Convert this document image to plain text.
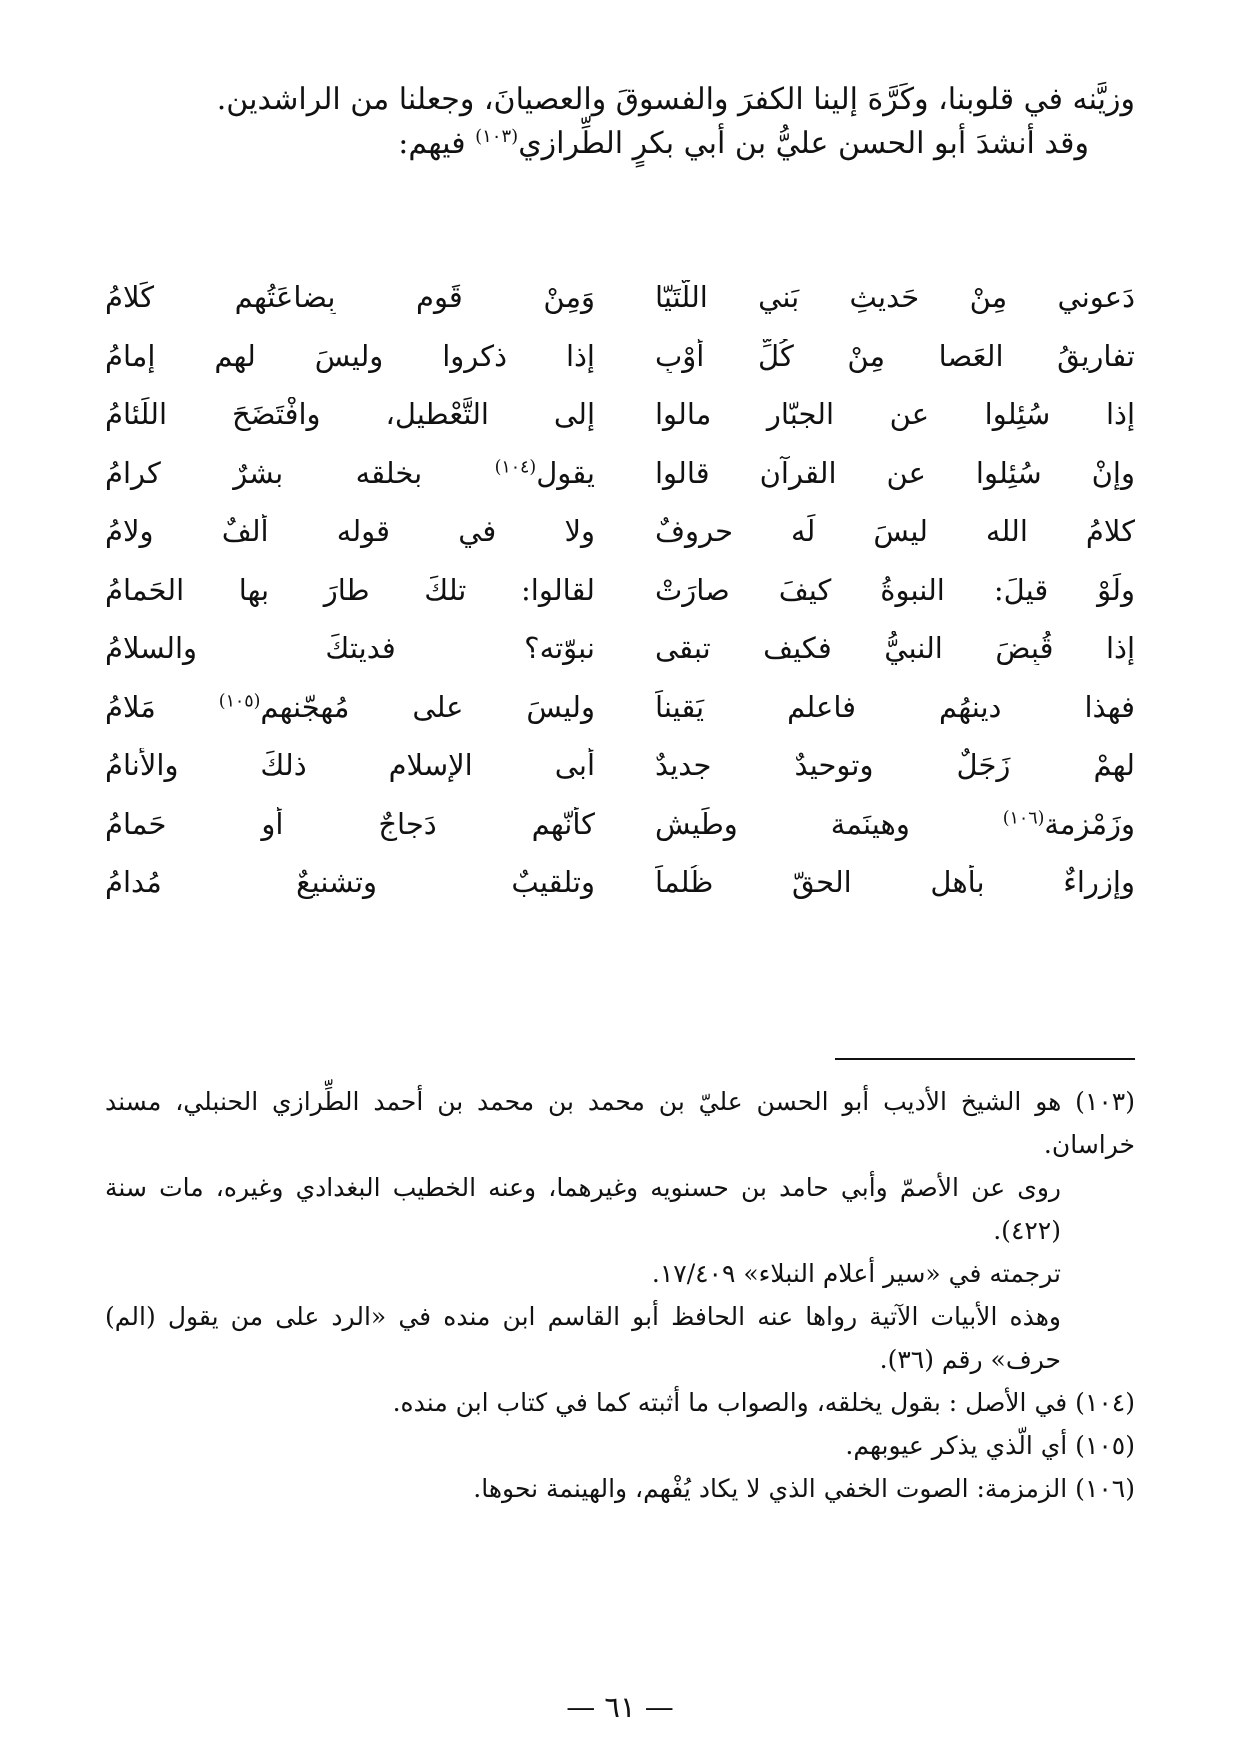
وزيَّنه في قلوبنا، وكَرَّهَ إلينا الكفرَ والفسوقَ والعصيانَ، وجعلنا من الراشدين.

وقد أنشدَ أبو الحسن عليُّ بن أبي بكرٍ الطِّرازي$^{(١٠٣)}$ فيهم:

دَعوني مِنْ حَديثِ بَني اللُّتَيّا
وَمِنْ قَومٍ بِضاعَتُهم كَلامُ
تفاريقُ العَصا مِنْ كُلِّ أَوْبٍ
إذا ذكروا وليسَ لهم إمامُ
إذا سُئِلوا عن الجبّار مالوا
إلى التَّعْطيلِ، وافْتَضَحَ اللِّئامُ
وإنْ سُئِلوا عن القرآنِ قالوا
يقول$^{(١٠٤)}$ بخلقه بشرٌ كرامُ
كلامُ الله ليسَ لَه حروفٌ
ولا في قوله ألفٌ ولامُ
ولَوْ قيلَ: النبوةُ كيفَ صارَتْ
لقالوا: تلكَ طارَ بها الحَمامُ
إذا قُبِضَ النبيُّ فكيف تبقى
نبوّته؟ فديتكَ والسلامُ
فهذا دينهُم فاعلم يَقيناً
وليسَ على مُهجّنهم$^{(١٠٥)}$ مَلامُ
لهمْ زَجَلٌ وتوحيدٌ جديدٌ
أبى الإسلام ذلكَ والأنامُ
وزَمْزمة$^{(١٠٦)}$ وهينَمة وطَيش
كأنّهم دَجاجٌ أو حَمامُ
وإزراءٌ بأهلِ الحقّ ظُلماً
وتلقيبٌ وتشنيعٌ مُدامُ

(١٠٣) هو الشيخ الأديب أبو الحسن عليّ بن محمد بن محمد بن أحمد الطِّرازي الحنبلي، مسند خراسان.

روى عن الأصمّ وأبي حامد بن حسنويه وغيرهما، وعنه الخطيب البغدادي وغيره، مات سنة (٤٢٢).

ترجمته في «سير أعلام النبلاء» ١٧/٤٠٩.

وهذه الأبيات الآتية رواها عنه الحافظ أبو القاسم ابن منده في «الرد على من يقول (الم) حرف» رقم (٣٦).

(١٠٤) في الأصل : بقول يخلقه، والصواب ما أثبته كما في كتاب ابن منده.

(١٠٥) أي الّذي يذكر عيوبهم.

(١٠٦) الزمزمة: الصوت الخفي الذي لا يكاد يُفْهم، والهينمة نحوها.

— ٦١ —
